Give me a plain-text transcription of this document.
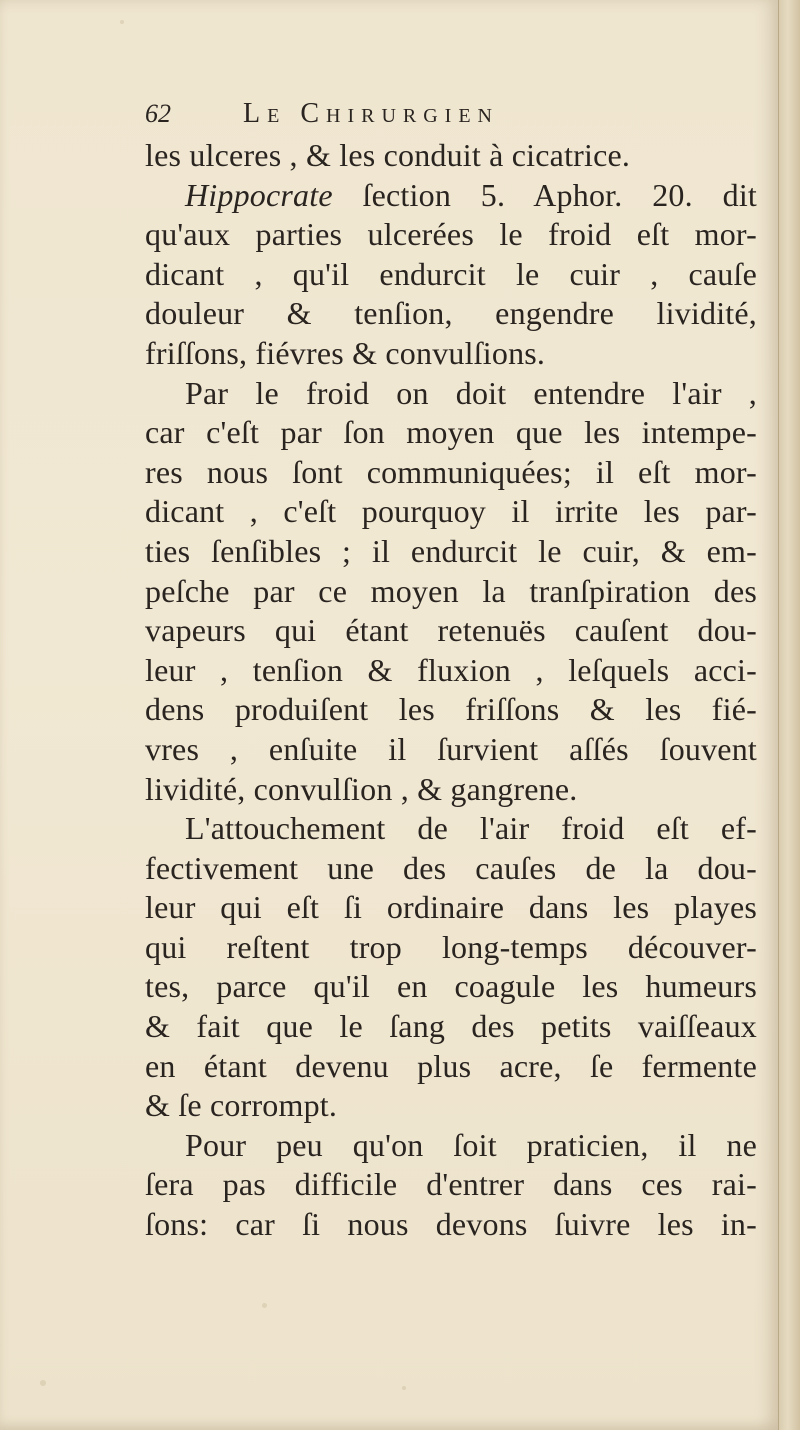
62	Le Chirurgien
les ulceres , & les conduit à cicatrice.
Hippocrate ſection 5. Aphor. 20. dit
qu'aux parties ulcerées le froid eſt mor-
dicant , qu'il endurcit le cuir , cauſe
douleur & tenſion, engendre lividité,
friſſons, fiévres & convulſions.
Par le froid on doit entendre l'air ,
car c'eſt par ſon moyen que les intempe-
res nous ſont communiquées; il eſt mor-
dicant , c'eſt pourquoy il irrite les par-
ties ſenſibles ; il endurcit le cuir, & em-
peſche par ce moyen la tranſpiration des
vapeurs qui étant retenuës cauſent dou-
leur , tenſion & fluxion , leſquels acci-
dens produiſent les friſſons & les fié-
vres , enſuite il ſurvient aſſés ſouvent
lividité, convulſion , & gangrene.
L'attouchement de l'air froid eſt ef-
fectivement une des cauſes de la dou-
leur qui eſt ſi ordinaire dans les playes
qui reſtent trop long-temps découver-
tes, parce qu'il en coagule les humeurs
& fait que le ſang des petits vaiſſeaux
en étant devenu plus acre, ſe fermente
& ſe corrompt.
Pour peu qu'on ſoit praticien, il ne
ſera pas difficile d'entrer dans ces rai-
ſons: car ſi nous devons ſuivre les in-
